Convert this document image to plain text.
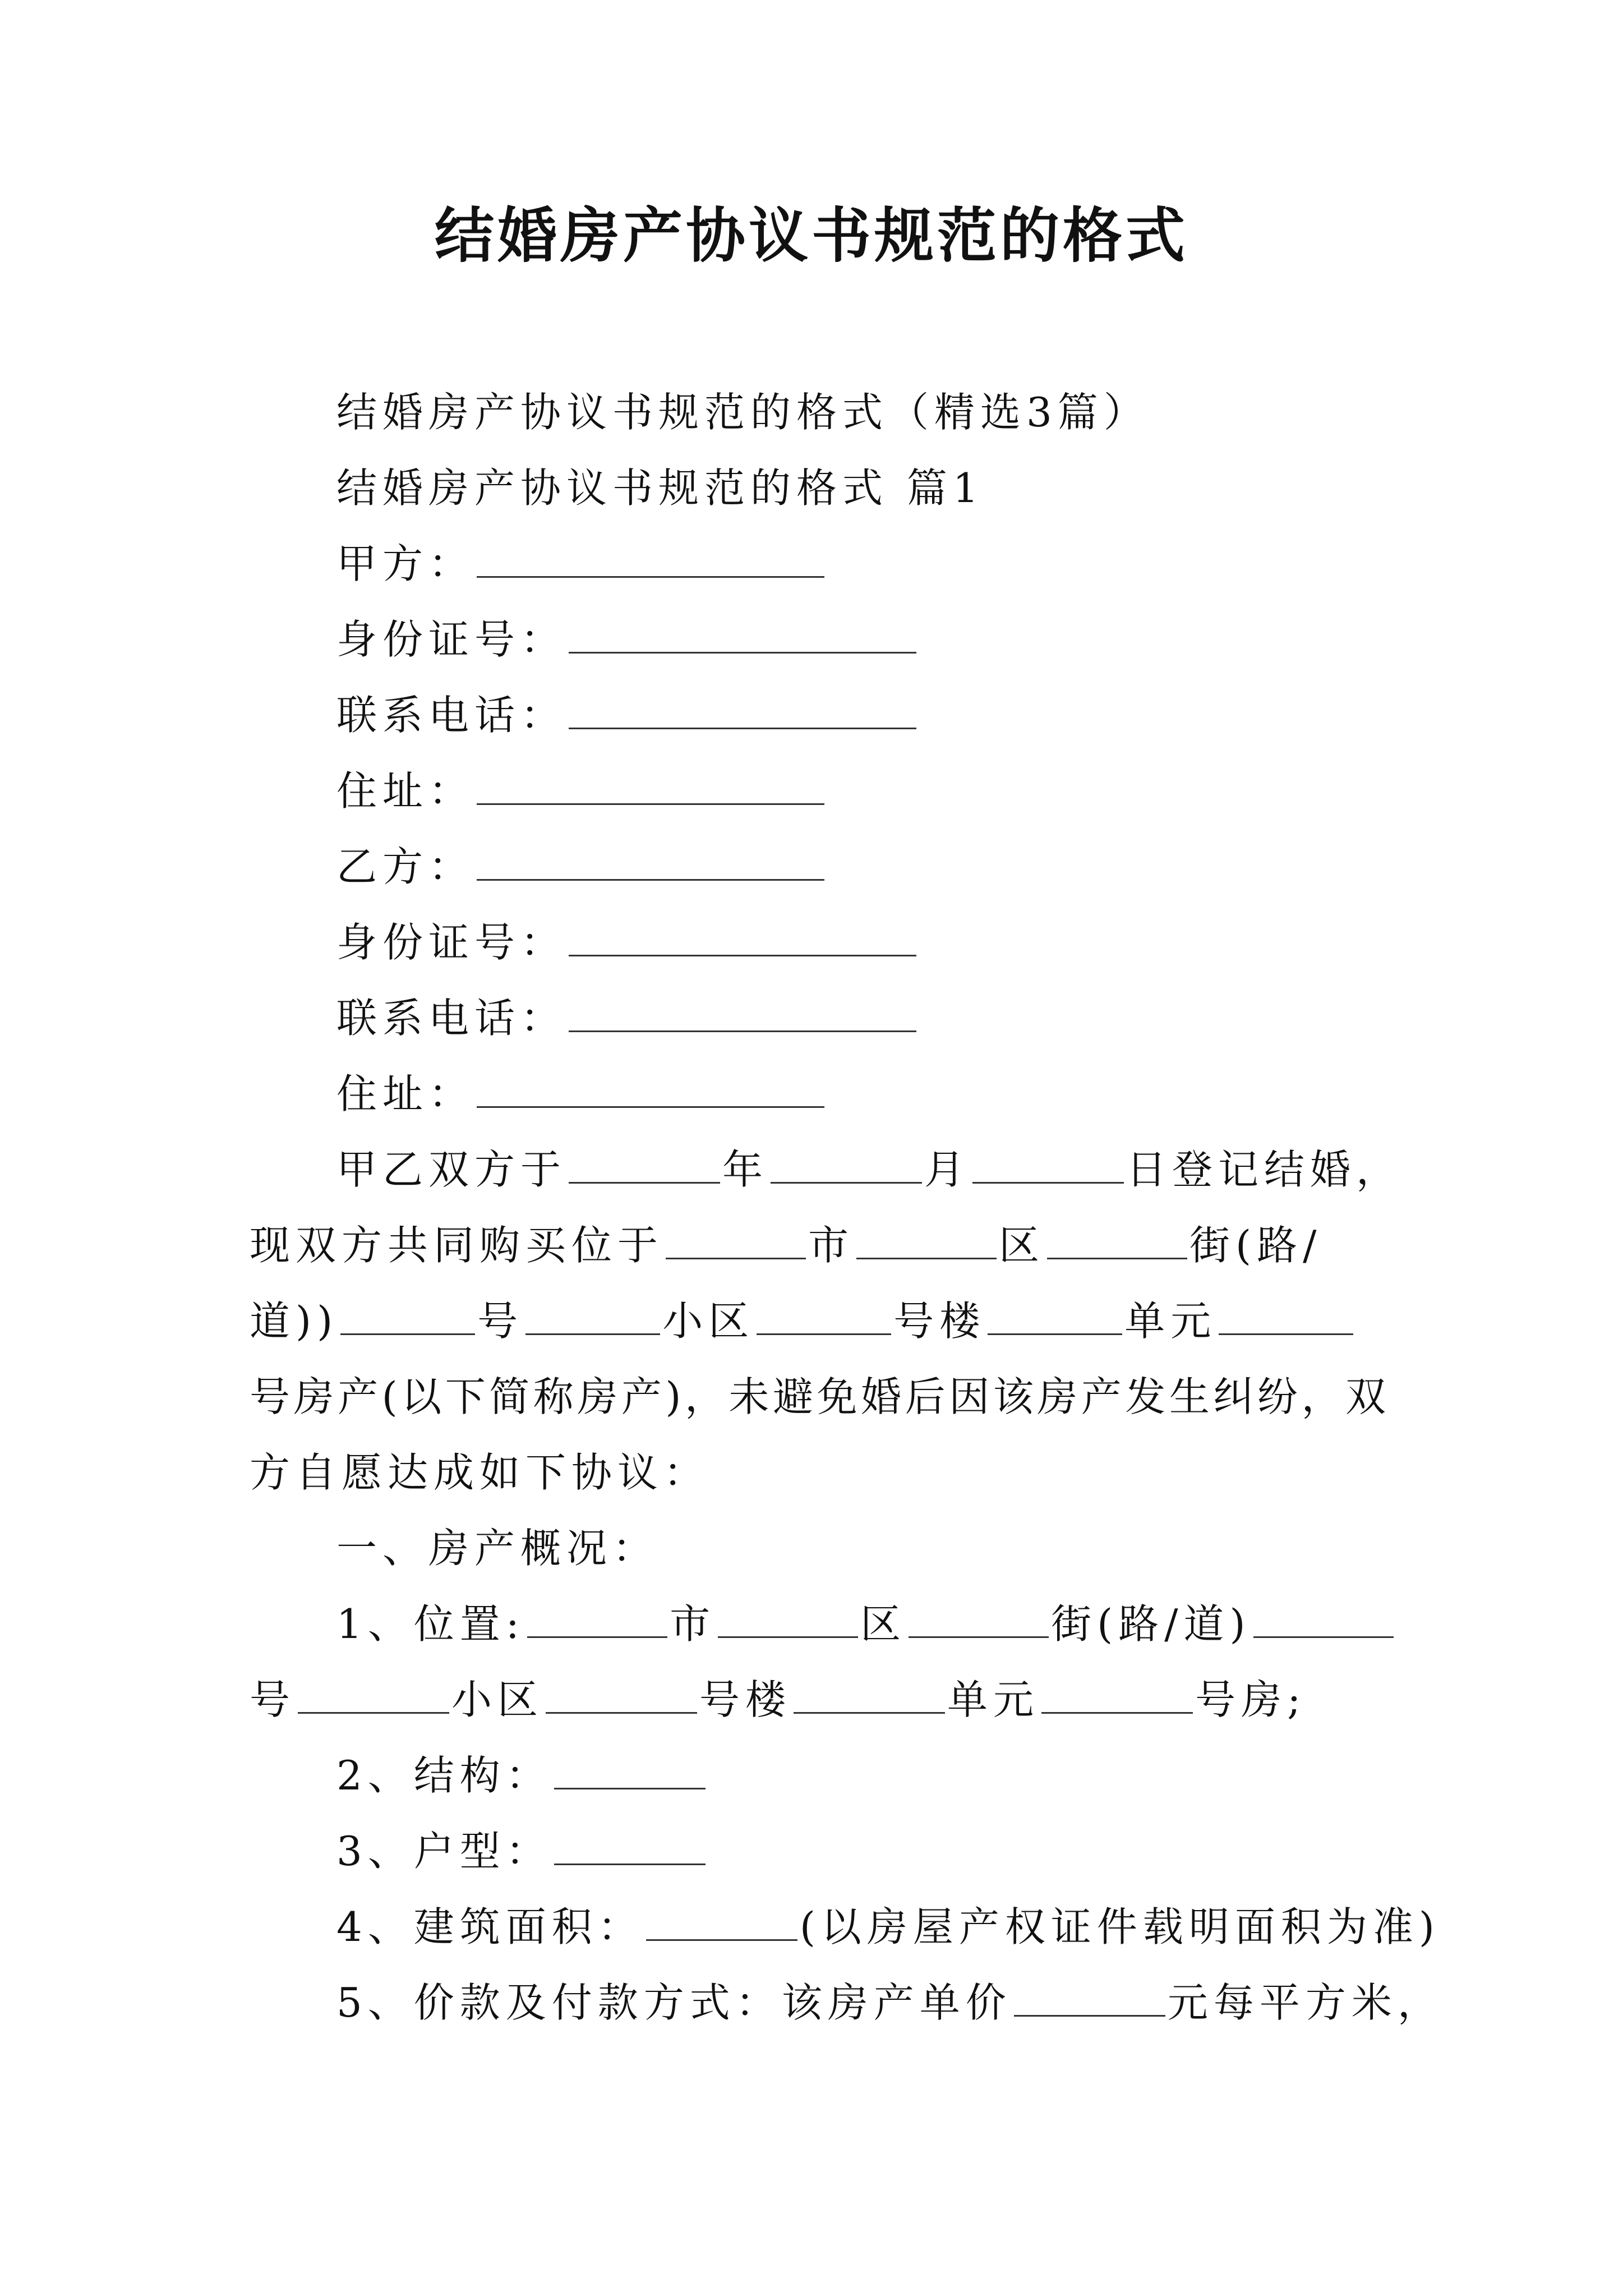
结婚房产协议书规范的格式
结婚房产协议书规范的格式（精选3篇）
结婚房产协议书规范的格式 篇1
甲方：
身份证号：
联系电话：
住址：
乙方：
身份证号：
联系电话：
住址：
甲乙双方于	年	月	日登记结婚，
现双方共同购买位于	市	区	街(路/
道))	号	小区	号楼	单元
号房产(以下简称房产)，未避免婚后因该房产发生纠纷，双
方自愿达成如下协议：
一、房产概况：
1、位置:	市	区	街(路/道)
号	小区	号楼	单元	号房;
2、结构：
3、户型：
4、建筑面积：	(以房屋产权证件载明面积为准)
5、价款及付款方式：该房产单价	元每平方米，
